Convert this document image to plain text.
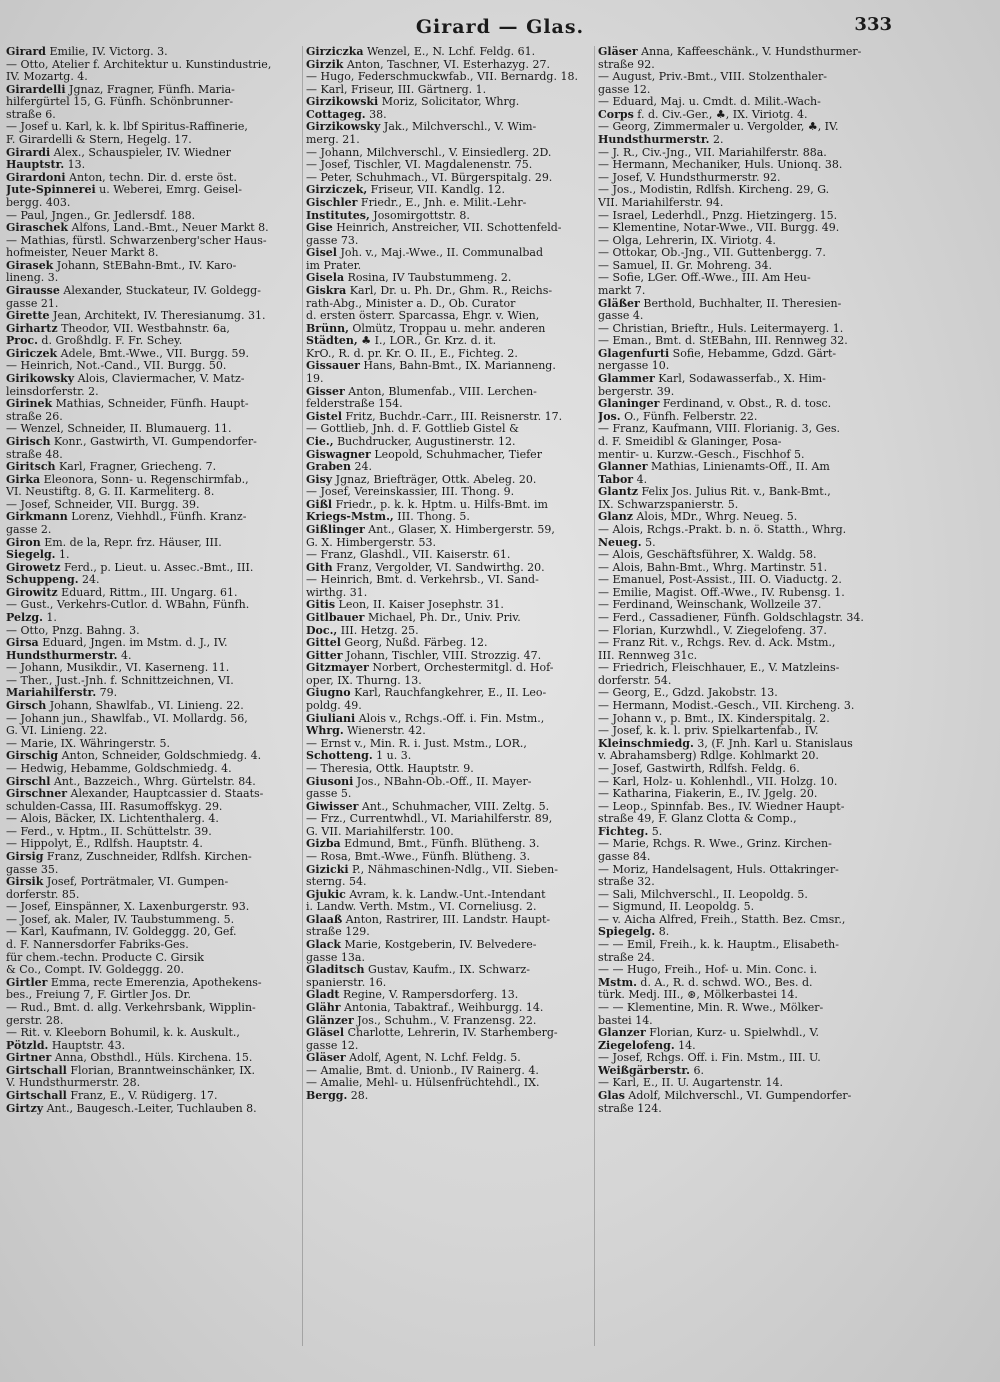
Girard — Glas.	333
Girard Emilie, IV. Victorg. 3.
— Otto, Atelier f. Architektur u. Kunstindustrie,
IV. Mozartg. 4.
Girardelli Jgnaz, Fragner, Fünfh. Maria-
hilfergürtel 15, G. Fünfh. Schönbrunner-
straße 6.
— Josef u. Karl, k. k. lbf Spiritus-Raffinerie,
F. Girardelli & Stern, Hegelg. 17.
Girardi Alex., Schauspieler, IV. Wiedner
Hauptstr. 13.
Girardoni Anton, techn. Dir. d. erste öst.
Jute-Spinnerei u. Weberei, Emrg. Geisel-
bergg. 403.
— Paul, Jngen., Gr. Jedlersdf. 188.
Giraschek Alfons, Land.-Bmt., Neuer Markt 8.
— Mathias, fürstl. Schwarzenberg'scher Haus-
hofmeister, Neuer Markt 8.
Girasek Johann, StEBahn-Bmt., IV. Karo-
lineng. 3.
Girausse Alexander, Stuckateur, IV. Goldegg-
gasse 21.
Girette Jean, Architekt, IV. Theresianumg. 31.
Girhartz Theodor, VII. Westbahnstr. 6a,
Proc. d. Großhdlg. F. Fr. Schey.
Giriczek Adele, Bmt.-Wwe., VII. Burgg. 59.
— Heinrich, Not.-Cand., VII. Burgg. 50.
Girikowsky Alois, Claviermacher, V. Matz-
leinsdorferstr. 2.
Girinek Mathias, Schneider, Fünfh. Haupt-
straße 26.
— Wenzel, Schneider, II. Blumauerg. 11.
Girisch Konr., Gastwirth, VI. Gumpendorfer-
straße 48.
Giritsch Karl, Fragner, Griecheng. 7.
Girka Eleonora, Sonn- u. Regenschirmfab.,
VI. Neustiftg. 8, G. II. Karmeliterg. 8.
— Josef, Schneider, VII. Burgg. 39.
Girkmann Lorenz, Viehhdl., Fünfh. Kranz-
gasse 2.
Giron Em. de la, Repr. frz. Häuser, III.
Siegelg. 1.
Girowetz Ferd., p. Lieut. u. Assec.-Bmt., III.
Schuppeng. 24.
Girowitz Eduard, Rittm., III. Ungarg. 61.
— Gust., Verkehrs-Cutlor. d. WBahn, Fünfh.
Pelzg. 1.
— Otto, Pnzg. Bahng. 3.
Girsa Eduard, Jngen. im Mstm. d. J., IV.
Hundsthurmerstr. 4.
— Johann, Musikdir., VI. Kaserneng. 11.
— Ther., Just.-Jnh. f. Schnittzeichnen, VI.
Mariahilferstr. 79.
Girsch Johann, Shawlfab., VI. Linieng. 22.
— Johann jun., Shawlfab., VI. Mollardg. 56,
G. VI. Linieng. 22.
— Marie, IX. Währingerstr. 5.
Girschig Anton, Schneider, Goldschmiedg. 4.
— Hedwig, Hebamme, Goldschmiedg. 4.
Girschl Ant., Bazzeich., Whrg. Gürtelstr. 84.
Girschner Alexander, Hauptcassier d. Staats-
schulden-Cassa, III. Rasumoffskyg. 29.
— Alois, Bäcker, IX. Lichtenthalerg. 4.
— Ferd., v. Hptm., II. Schüttelstr. 39.
— Hippolyt, E., Rdlfsh. Hauptstr. 4.
Girsig Franz, Zuschneider, Rdlfsh. Kirchen-
gasse 35.
Girsik Josef, Porträtmaler, VI. Gumpen-
dorferstr. 85.
— Josef, Einspänner, X. Laxenburgerstr. 93.
— Josef, ak. Maler, IV. Taubstummeng. 5.
— Karl, Kaufmann, IV. Goldeggg. 20, Gef.
d. F. Nannersdorfer Fabriks-Ges.
für chem.-techn. Producte C. Girsik
& Co., Compt. IV. Goldeggg. 20.
Girtler Emma, recte Emerenzia, Apothekens-
bes., Freiung 7, F. Girtler Jos. Dr.
— Rud., Bmt. d. allg. Verkehrsbank, Wipplin-
gerstr. 28.
— Rit. v. Kleeborn Bohumil, k. k. Auskult.,
Pötzld. Hauptstr. 43.
Girtner Anna, Obsthdl., Hüls. Kirchena. 15.
Girtschall Florian, Branntweinschänker, IX.
V. Hundsthurmerstr. 28.
Girtschall Franz, E., V. Rüdigerg. 17.
Girtzy Ant., Baugesch.-Leiter, Tuchlauben 8.
Girziczka Wenzel, E., N. Lchf. Feldg. 61.
Girzik Anton, Taschner, VI. Esterhazyg. 27.
— Hugo, Federschmuckwfab., VII. Bernardg. 18.
— Karl, Friseur, III. Gärtnerg. 1.
Girzikowski Moriz, Solicitator, Whrg.
Cottageg. 38.
Girzikowsky Jak., Milchverschl., V. Wim-
merg. 21.
— Johann, Milchverschl., V. Einsiedlerg. 2D.
— Josef, Tischler, VI. Magdalenenstr. 75.
— Peter, Schuhmach., VI. Bürgerspitalg. 29.
Girziczek, Friseur, VII. Kandlg. 12.
Gischler Friedr., E., Jnh. e. Milit.-Lehr-
Institutes, Josomirgottstr. 8.
Gise Heinrich, Anstreicher, VII. Schottenfeld-
gasse 73.
Gisel Joh. v., Maj.-Wwe., II. Communalbad
im Prater.
Gisela Rosina, IV Taubstummeng. 2.
Giskra Karl, Dr. u. Ph. Dr., Ghm. R., Reichs-
rath-Abg., Minister a. D., Ob. Curator
d. ersten österr. Sparcassa, Ehgr. v. Wien,
Brünn, Olmütz, Troppau u. mehr. anderen
Städten, ♣ I., LOR., Gr. Krz. d. it.
KrO., R. d. pr. Kr. O. II., E., Fichteg. 2.
Gissauer Hans, Bahn-Bmt., IX. Marianneng.
19.
Gisser Anton, Blumenfab., VIII. Lerchen-
felderstraße 154.
Gistel Fritz, Buchdr.-Carr., III. Reisnerstr. 17.
— Gottlieb, Jnh. d. F. Gottlieb Gistel &
Cie., Buchdrucker, Augustinerstr. 12.
Giswagner Leopold, Schuhmacher, Tiefer
Graben 24.
Gisy Jgnaz, Briefträger, Ottk. Abeleg. 20.
— Josef, Vereinskassier, III. Thong. 9.
Gißl Friedr., p. k. k. Hptm. u. Hilfs-Bmt. im
Kriegs-Mstm., III. Thong. 5.
Gißlinger Ant., Glaser, X. Himbergerstr. 59,
G. X. Himbergerstr. 53.
— Franz, Glashdl., VII. Kaiserstr. 61.
Gith Franz, Vergolder, VI. Sandwirthg. 20.
— Heinrich, Bmt. d. Verkehrsb., VI. Sand-
wirthg. 31.
Gitis Leon, II. Kaiser Josephstr. 31.
Gitlbauer Michael, Ph. Dr., Univ. Priv.
Doc., III. Hetzg. 25.
Gittel Georg, Nußd. Färbeg. 12.
Gitter Johann, Tischler, VIII. Strozzig. 47.
Gitzmayer Norbert, Orchestermitgl. d. Hof-
oper, IX. Thurng. 13.
Giugno Karl, Rauchfangkehrer, E., II. Leo-
poldg. 49.
Giuliani Alois v., Rchgs.-Off. i. Fin. Mstm.,
Whrg. Wienerstr. 42.
— Ernst v., Min. R. i. Just. Mstm., LOR.,
Schotteng. 1 u. 3.
— Theresia, Ottk. Hauptstr. 9.
Giusoni Jos., NBahn-Ob.-Off., II. Mayer-
gasse 5.
Giwisser Ant., Schuhmacher, VIII. Zeltg. 5.
— Frz., Currentwhdl., VI. Mariahilferstr. 89,
G. VII. Mariahilferstr. 100.
Gizba Edmund, Bmt., Fünfh. Blütheng. 3.
— Rosa, Bmt.-Wwe., Fünfh. Blütheng. 3.
Gizicki P., Nähmaschinen-Ndlg., VII. Sieben-
sterng. 54.
Gjukic Avram, k. k. Landw.-Unt.-Intendant
i. Landw. Verth. Mstm., VI. Corneliusg. 2.
Glaaß Anton, Rastrirer, III. Landstr. Haupt-
straße 129.
Glack Marie, Kostgeberin, IV. Belvedere-
gasse 13a.
Gladitsch Gustav, Kaufm., IX. Schwarz-
spanierstr. 16.
Gladt Regine, V. Rampersdorferg. 13.
Glähr Antonia, Tabaktraf., Weihburgg. 14.
Glänzer Jos., Schuhm., V. Franzensg. 22.
Gläsel Charlotte, Lehrerin, IV. Starhemberg-
gasse 12.
Gläser Adolf, Agent, N. Lchf. Feldg. 5.
— Amalie, Bmt. d. Unionb., IV Rainerg. 4.
— Amalie, Mehl- u. Hülsenfrüchtehdl., IX.
Bergg. 28.
Gläser Anna, Kaffeeschänk., V. Hundsthurmer-
straße 92.
— August, Priv.-Bmt., VIII. Stolzenthaler-
gasse 12.
— Eduard, Maj. u. Cmdt. d. Milit.-Wach-
Corps f. d. Civ.-Ger., ♣, IX. Viriotg. 4.
— Georg, Zimmermaler u. Vergolder, ♣, IV.
Hundsthurmerstr. 2.
— J. R., Civ.-Jng., VII. Mariahilferstr. 88a.
— Hermann, Mechaniker, Huls. Unionq. 38.
— Josef, V. Hundsthurmerstr. 92.
— Jos., Modistin, Rdlfsh. Kircheng. 29, G.
VII. Mariahilferstr. 94.
— Israel, Lederhdl., Pnzg. Hietzingerg. 15.
— Klementine, Notar-Wwe., VII. Burgg. 49.
— Olga, Lehrerin, IX. Viriotg. 4.
— Ottokar, Ob.-Jng., VII. Guttenbergg. 7.
— Samuel, II. Gr. Mohreng. 34.
— Sofie, LGer. Off.-Wwe., III. Am Heu-
markt 7.
Gläßer Berthold, Buchhalter, II. Theresien-
gasse 4.
— Christian, Brieftr., Huls. Leitermayerg. 1.
— Eman., Bmt. d. StEBahn, III. Rennweg 32.
Glagenfurti Sofie, Hebamme, Gdzd. Gärt-
nergasse 10.
Glammer Karl, Sodawasserfab., X. Him-
bergerstr. 39.
Glaninger Ferdinand, v. Obst., R. d. tosc.
Jos. O., Fünfh. Felberstr. 22.
— Franz, Kaufmann, VIII. Florianig. 3, Ges.
d. F. Smeidibl & Glaninger, Posa-
mentir- u. Kurzw.-Gesch., Fischhof 5.
Glanner Mathias, Linienamts-Off., II. Am
Tabor 4.
Glantz Felix Jos. Julius Rit. v., Bank-Bmt.,
IX. Schwarzspanierstr. 5.
Glanz Alois, MDr., Whrg. Neueg. 5.
— Alois, Rchgs.-Prakt. b. n. ö. Statth., Whrg.
Neueg. 5.
— Alois, Geschäftsführer, X. Waldg. 58.
— Alois, Bahn-Bmt., Whrg. Martinstr. 51.
— Emanuel, Post-Assist., III. O. Viaductg. 2.
— Emilie, Magist. Off.-Wwe., IV. Rubensg. 1.
— Ferdinand, Weinschank, Wollzeile 37.
— Ferd., Cassadiener, Fünfh. Goldschlagstr. 34.
— Florian, Kurzwhdl., V. Ziegelofeng. 37.
— Franz Rit. v., Rchgs. Rev. d. Ack. Mstm.,
III. Rennweg 31c.
— Friedrich, Fleischhauer, E., V. Matzleins-
dorferstr. 54.
— Georg, E., Gdzd. Jakobstr. 13.
— Hermann, Modist.-Gesch., VII. Kircheng. 3.
— Johann v., p. Bmt., IX. Kinderspitalg. 2.
— Josef, k. k. l. priv. Spielkartenfab., IV.
Kleinschmiedg. 3, (F. Jnh. Karl u. Stanislaus
v. Abrahamsberg) Rdlge. Kohlmarkt 20.
— Josef, Gastwirth, Rdlfsh. Feldg. 6.
— Karl, Holz- u. Kohlenhdl., VII. Holzg. 10.
— Katharina, Fiakerin, E., IV. Jgelg. 20.
— Leop., Spinnfab. Bes., IV. Wiedner Haupt-
straße 49, F. Glanz Clotta & Comp.,
Fichteg. 5.
— Marie, Rchgs. R. Wwe., Grinz. Kirchen-
gasse 84.
— Moriz, Handelsagent, Huls. Ottakringer-
straße 32.
— Sali, Milchverschl., II. Leopoldg. 5.
— Sigmund, II. Leopoldg. 5.
— v. Aicha Alfred, Freih., Statth. Bez. Cmsr.,
Spiegelg. 8.
— — Emil, Freih., k. k. Hauptm., Elisabeth-
straße 24.
— — Hugo, Freih., Hof- u. Min. Conc. i.
Mstm. d. A., R. d. schwd. WO., Bes. d.
türk. Medj. III., ⊛, Mölkerbastei 14.
— — Klementine, Min. R. Wwe., Mölker-
bastei 14.
Glanzer Florian, Kurz- u. Spielwhdl., V.
Ziegelofeng. 14.
— Josef, Rchgs. Off. i. Fin. Mstm., III. U.
Weißgärberstr. 6.
— Karl, E., II. U. Augartenstr. 14.
Glas Adolf, Milchverschl., VI. Gumpendorfer-
straße 124.
